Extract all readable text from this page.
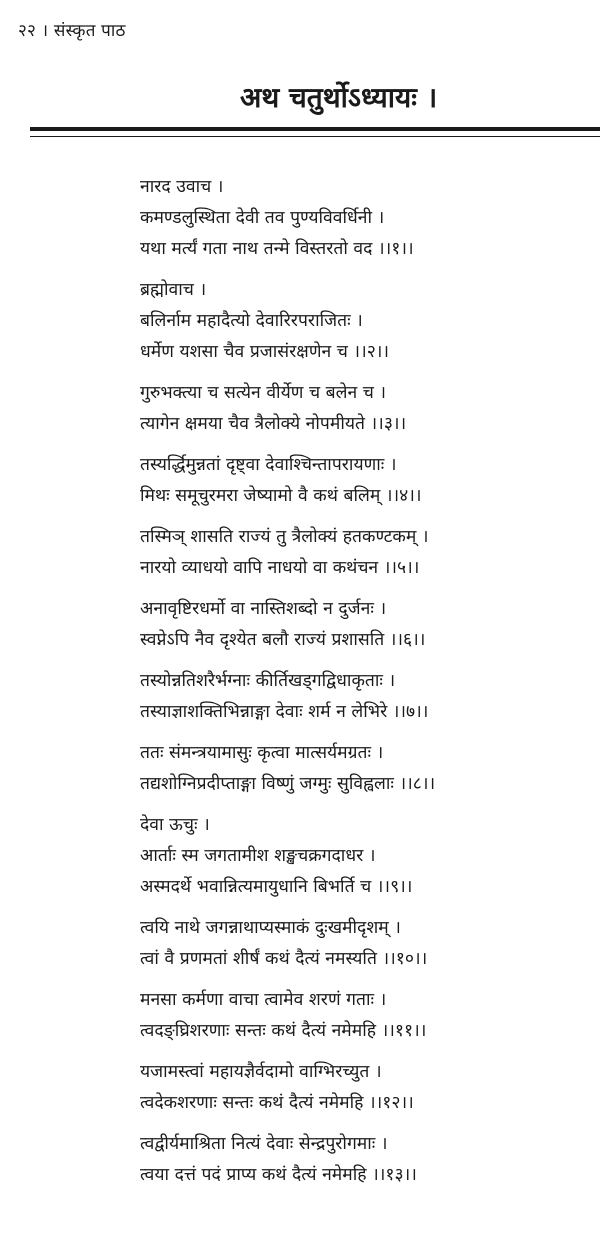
२२ । संस्कृत पाठ
अथ चतुर्थोऽध्यायः ।
नारद उवाच ।
कमण्डलुस्थिता देवी तव पुण्यविवर्धिनी ।
यथा मर्त्यं गता नाथ तन्मे विस्तरतो वद ।।१।।
ब्रह्मोवाच ।
बलिर्नाम महादैत्यो देवारिरपराजितः ।
धर्मेण यशसा चैव प्रजासंरक्षणेन च ।।२।।
गुरुभक्त्या च सत्येन वीर्येण च बलेन च ।
त्यागेन क्षमया चैव त्रैलोक्ये नोपमीयते ।।३।।
तस्यर्द्धिमुन्नतां दृष्ट्वा देवाश्चिन्तापरायणाः ।
मिथः समूचुरमरा जेष्यामो वै कथं बलिम् ।।४।।
तस्मिञ् शासति राज्यं तु त्रैलोक्यं हतकण्टकम् ।
नारयो व्याधयो वापि नाधयो वा कथंचन ।।५।।
अनावृष्टिरधर्मो वा नास्तिशब्दो न दुर्जनः ।
स्वप्नेऽपि नैव दृश्येत बलौ राज्यं प्रशासति ।।६।।
तस्योन्नतिशरैर्भग्नाः कीर्तिखड्गद्विधाकृताः ।
तस्याज्ञाशक्तिभिन्नाङ्गा देवाः शर्म न लेभिरे ।।७।।
ततः संमन्त्रयामासुः कृत्वा मात्सर्यमग्रतः ।
तद्यशोग्निप्रदीप्ताङ्गा विष्णुं जग्मुः सुविह्वलाः ।।८।।
देवा ऊचुः ।
आर्ताः स्म जगतामीश शङ्खचक्रगदाधर ।
अस्मदर्थे भवान्नित्यमायुधानि बिभर्ति च ।।९।।
त्वयि नाथे जगन्नाथाप्यस्माकं दुःखमीदृशम् ।
त्वां वै प्रणमतां शीर्षं कथं दैत्यं नमस्यति ।।१०।।
मनसा कर्मणा वाचा त्वामेव शरणं गताः ।
त्वदङ्घ्रिशरणाः सन्तः कथं दैत्यं नमेमहि ।।११।।
यजामस्त्वां महायज्ञैर्वदामो वाग्भिरच्युत ।
त्वदेकशरणाः सन्तः कथं दैत्यं नमेमहि ।।१२।।
त्वद्वीर्यमाश्रिता नित्यं देवाः सेन्द्रपुरोगमाः ।
त्वया दत्तं पदं प्राप्य कथं दैत्यं नमेमहि ।।१३।।
